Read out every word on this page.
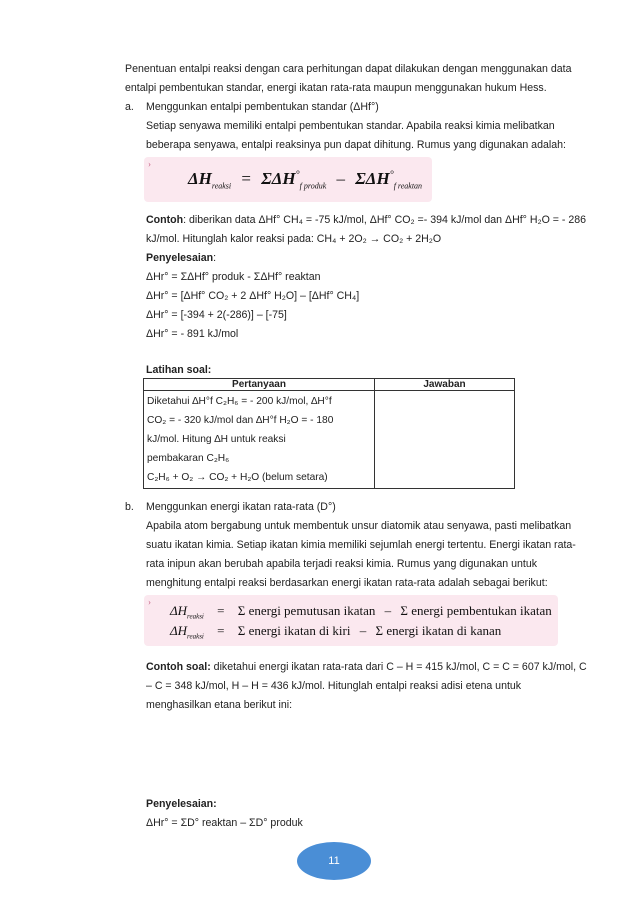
Penentuan entalpi reaksi dengan cara perhitungan dapat dilakukan dengan menggunakan data
entalpi pembentukan standar, energi ikatan rata-rata maupun menggunakan hukum Hess.
a. Menggunkan entalpi pembentukan standar (ΔHf°)
Setiap senyawa memiliki entalpi pembentukan standar. Apabila reaksi kimia melibatkan
beberapa senyawa, entalpi reaksinya pun dapat dihitung. Rumus yang digunakan adalah:
›
$\Delta H_{reaksi} = \Sigma\Delta H^\circ_{f produk} - \Sigma\Delta H^\circ_{f reaktan}$
Contoh: diberikan data ΔHf° CH₄ = -75 kJ/mol, ΔHf° CO₂ =- 394 kJ/mol dan ΔHf° H₂O = - 286
kJ/mol. Hitunglah kalor reaksi pada: CH₄ + 2O₂ → CO₂ + 2H₂O
Penyelesaian:
ΔHr° = ΣΔHf° produk - ΣΔHf° reaktan
ΔHr° = [ΔHf° CO₂ + 2 ΔHf° H₂O] – [ΔHf° CH₄]
ΔHr° = [-394 + 2(-286)] – [-75]
ΔHr° = - 891 kJ/mol
Latihan soal:
Pertanyaan	Jawaban

Diketahui ∆H°f C₂H₆ = - 200 kJ/mol, ∆H°f
CO₂ = - 320 kJ/mol dan ∆H°f H₂O = - 180
kJ/mol. Hitung ∆H untuk reaksi
pembakaran C₂H₆
C₂H₆ + O₂ → CO₂ + H₂O (belum setara)	

b. Menggunkan energi ikatan rata-rata (D°)
Apabila atom bergabung untuk membentuk unsur diatomik atau senyawa, pasti melibatkan
suatu ikatan kimia. Setiap ikatan kimia memiliki sejumlah energi tertentu. Energi ikatan rata-
rata inipun akan berubah apabila terjadi reaksi kimia. Rumus yang digunakan untuk
menghitung entalpi reaksi berdasarkan energi ikatan rata-rata adalah sebagai berikut:
›
$\Delta H_{reaksi} = \Sigma$ energi pemutusan ikatan – Σ energi pembentukan ikatan
$\Delta H_{reaksi} = \Sigma$ energi ikatan di kiri – Σ energi ikatan di kanan
Contoh soal: diketahui energi ikatan rata-rata dari C – H = 415 kJ/mol, C = C = 607 kJ/mol, C
– C = 348 kJ/mol, H – H = 436 kJ/mol. Hitunglah entalpi reaksi adisi etena untuk
menghasilkan etana berikut ini:
Penyelesaian:
ΔHr° = ΣD° reaktan – ΣD° produk
11
